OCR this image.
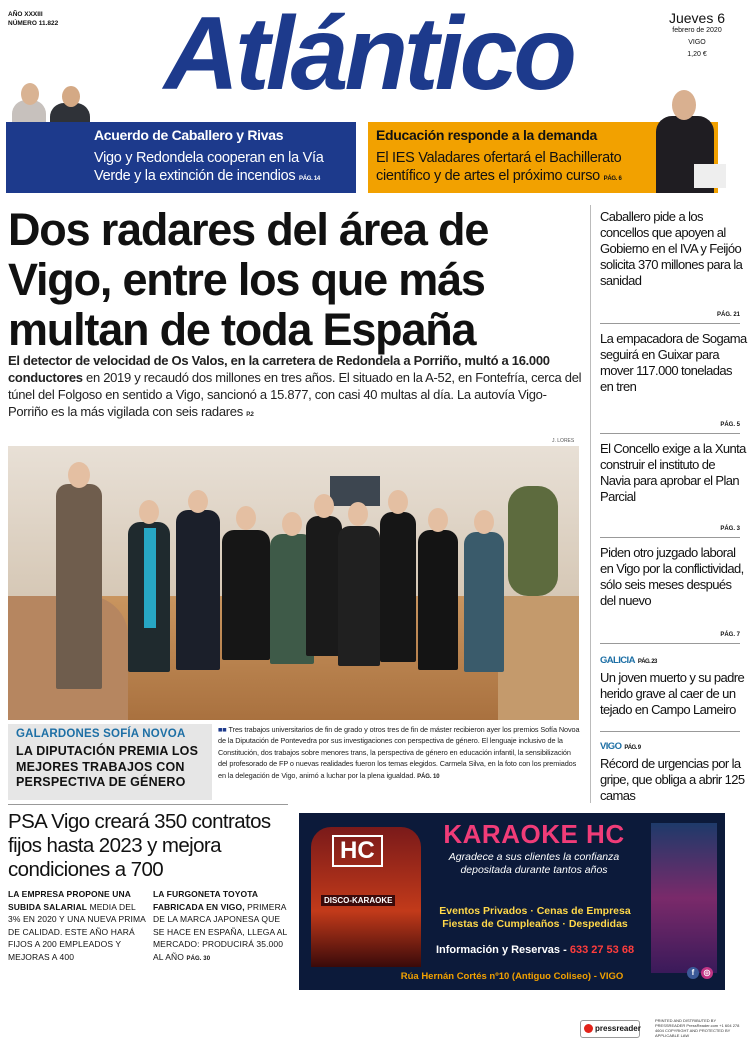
AÑO XXXIII
NÚMERO 11.822	Atlántico	Jueves 6
febrero de 2020
VIGO
1,20 €
Acuerdo de Caballero y Rivas
Vigo y Redondela cooperan en la Vía Verde y la extinción de incendios PÁG. 14
Educación responde a la demanda
El IES Valadares ofertará el Bachillerato científico y de artes el próximo curso PÁG. 6
Dos radares del área de Vigo, entre los que más multan de toda España
El detector de velocidad de Os Valos, en la carretera de Redondela a Porriño, multó a 16.000 conductores en 2019 y recaudó dos millones en tres años. El situado en la A-52, en Fontefría, cerca del túnel del Folgoso en sentido a Vigo, sancionó a 15.877, con casi 40 multas al día. La autovía Vigo-Porriño es la más vigilada con seis radares P.2
J. LORES
GALARDONES SOFÍA NOVOA
LA DIPUTACIÓN PREMIA LOS MEJORES TRABAJOS CON PERSPECTIVA DE GÉNERO
■■ Tres trabajos universitarios de fin de grado y otros tres de fin de máster recibieron ayer los premios Sofía Novoa de la Diputación de Pontevedra por sus investigaciones con perspectiva de género. El lenguaje inclusivo de la Constitución, dos trabajos sobre menores trans, la perspectiva de género en educación infantil, la sensibilización del profesorado de FP o nuevas realidades fueron los temas elegidos. Carmela Silva, en la foto con los premiados en la delegación de Vigo, animó a luchar por la plena igualdad. PÁG. 10
Caballero pide a los concellos que apoyen al Gobierno en el IVA y Feijóo solicita 370 millones para la sanidad
PÁG. 21
La empacadora de Sogama seguirá en Guixar para mover 117.000 toneladas en tren
PÁG. 5
El Concello exige a la Xunta construir el instituto de Navia para aprobar el Plan Parcial
PÁG. 3
Piden otro juzgado laboral en Vigo por la conflictividad, sólo seis meses después del nuevo
PÁG. 7
GALICIA PÁG. 23
Un joven muerto y su padre herido grave al caer de un tejado en Campo Lameiro
VIGO PÁG. 9
Récord de urgencias por la gripe, que obliga a abrir 125 camas
PSA Vigo creará 350 contratos fijos hasta 2023 y mejora condiciones a 700
LA EMPRESA PROPONE UNA SUBIDA SALARIAL MEDIA DEL 3% EN 2020 Y UNA NUEVA PRIMA DE CALIDAD. ESTE AÑO HARÁ FIJOS A 200 EMPLEADOS Y MEJORAS A 400
LA FURGONETA TOYOTA FABRICADA EN VIGO, PRIMERA DE LA MARCA JAPONESA QUE SE HACE EN ESPAÑA, LLEGA AL MERCADO: PRODUCIRÁ 35.000 AL AÑO PÁG. 30
HC
DISCO-KARAOKE
KARAOKE HC
Agradece a sus clientes la confianza depositada durante tantos años
Eventos Privados · Cenas de Empresa Fiestas de Cumpleaños · Despedidas
Información y Reservas - 633 27 53 68
Rúa Hernán Cortés nº10 (Antiguo Coliseo) - VIGO	f	◎
pressreader
PRINTED AND DISTRIBUTED BY PRESSREADER PressReader.com +1 604 278 4604 COPYRIGHT AND PROTECTED BY APPLICABLE LAW
